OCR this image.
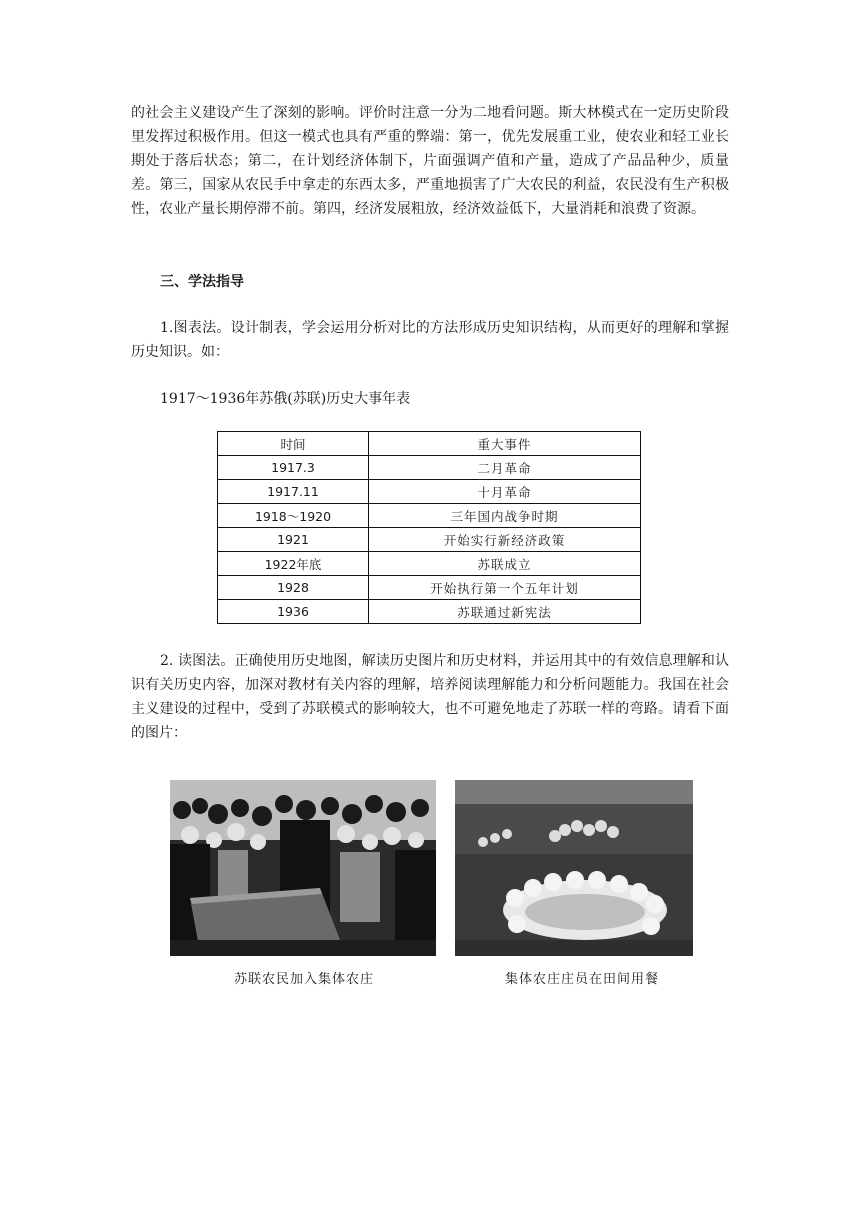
的社会主义建设产生了深刻的影响。评价时注意一分为二地看问题。斯大林模式在一定历史阶段里发挥过积极作用。但这一模式也具有严重的弊端：第一，优先发展重工业，使农业和轻工业长期处于落后状态；第二，在计划经济体制下，片面强调产值和产量，造成了产品品种少，质量差。第三，国家从农民手中拿走的东西太多，严重地损害了广大农民的利益，农民没有生产积极性，农业产量长期停滞不前。第四，经济发展粗放，经济效益低下，大量消耗和浪费了资源。

三、学法指导

1.图表法。设计制表，学会运用分析对比的方法形成历史知识结构，从而更好的理解和掌握历史知识。如：

1917～1936年苏俄(苏联)历史大事年表

时间	重大事件
1917.3	二月革命
1917.11	十月革命
1918～1920	三年国内战争时期
1921	开始实行新经济政策
1922年底	苏联成立
1928	开始执行第一个五年计划
1936	苏联通过新宪法

2. 读图法。正确使用历史地图，解读历史图片和历史材料，并运用其中的有效信息理解和认识有关历史内容，加深对教材有关内容的理解，培养阅读理解能力和分析问题能力。我国在社会主义建设的过程中，受到了苏联模式的影响较大，也不可避免地走了苏联一样的弯路。请看下面的图片：

苏联农民加入集体农庄	集体农庄庄员在田间用餐
